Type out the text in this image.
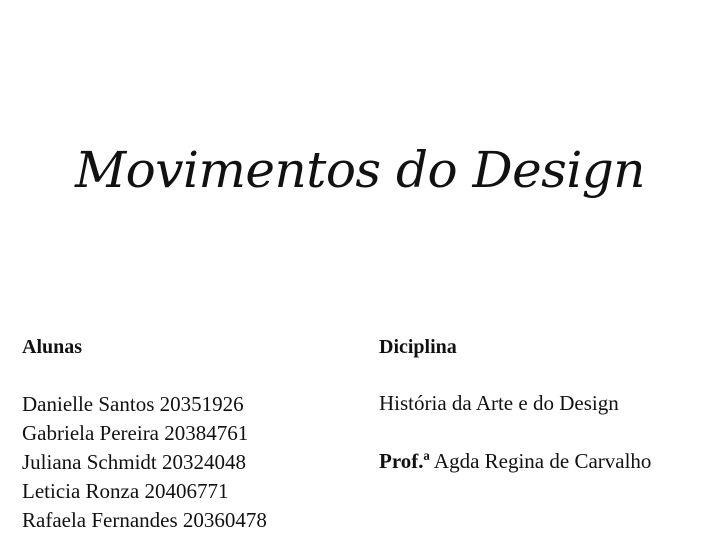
Movimentos do Design
Alunas
Danielle Santos 20351926
Gabriela Pereira 20384761
Juliana Schmidt 20324048
Leticia Ronza 20406771
Rafaela Fernandes 20360478
Diciplina
História da Arte e do Design
Prof.ª Agda Regina de Carvalho
